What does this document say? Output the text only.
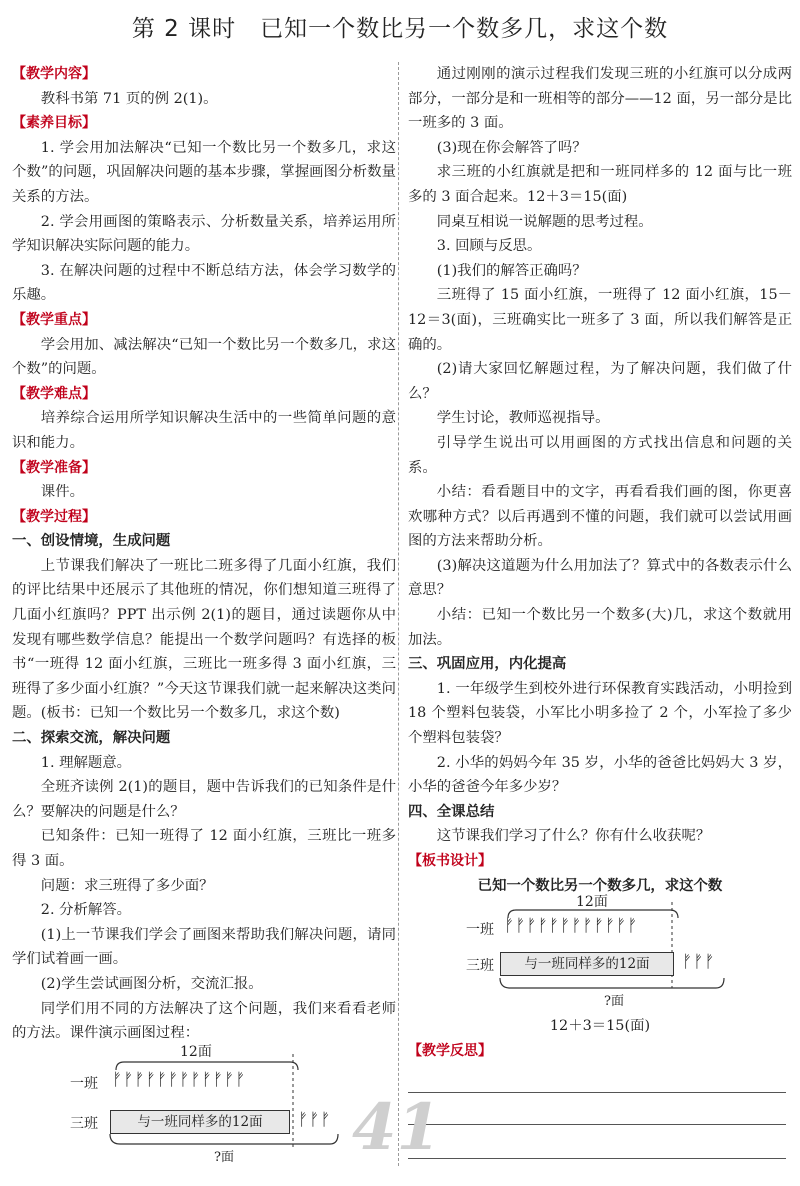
第 2 课时　已知一个数比另一个数多几，求这个数
【教学内容】

教科书第 71 页的例 2(1)。

【素养目标】

1. 学会用加法解决“已知一个数比另一个数多几，求这个数”的问题，巩固解决问题的基本步骤，掌握画图分析数量关系的方法。

2. 学会用画图的策略表示、分析数量关系，培养运用所学知识解决实际问题的能力。

3. 在解决问题的过程中不断总结方法，体会学习数学的乐趣。

【教学重点】

学会用加、减法解决“已知一个数比另一个数多几，求这个数”的问题。

【教学难点】

培养综合运用所学知识解决生活中的一些简单问题的意识和能力。

【教学准备】

课件。

【教学过程】
一、创设情境，生成问题

上节课我们解决了一班比二班多得了几面小红旗，我们的评比结果中还展示了其他班的情况，你们想知道三班得了几面小红旗吗？PPT 出示例 2(1)的题目，通过读题你从中发现有哪些数学信息？能提出一个数学问题吗？有选择的板书“一班得 12 面小红旗，三班比一班多得 3 面小红旗，三班得了多少面小红旗？”今天这节课我们就一起来解决这类问题。(板书：已知一个数比另一个数多几，求这个数)

二、探索交流，解决问题

1. 理解题意。

全班齐读例 2(1)的题目，题中告诉我们的已知条件是什么？要解决的问题是什么？

已知条件：已知一班得了 12 面小红旗，三班比一班多得 3 面。

问题：求三班得了多少面？

2. 分析解答。

(1)上一节课我们学会了画图来帮助我们解决问题，请同学们试着画一画。

(2)学生尝试画图分析，交流汇报。

同学们用不同的方法解决了这个问题，我们来看看老师的方法。课件演示画图过程：

12面
一班 ᚠᚠᚠᚠᚠᚠᚠᚠᚠᚠᚠᚠ
三班	与一班同样多的12面	ᚠᚠᚠ
?面

通过刚刚的演示过程我们发现三班的小红旗可以分成两部分，一部分是和一班相等的部分——12 面，另一部分是比一班多的 3 面。

(3)现在你会解答了吗？

求三班的小红旗就是把和一班同样多的 12 面与比一班多的 3 面合起来。12＋3＝15(面)

同桌互相说一说解题的思考过程。

3. 回顾与反思。

(1)我们的解答正确吗？

三班得了 15 面小红旗，一班得了 12 面小红旗，15－12＝3(面)，三班确实比一班多了 3 面，所以我们解答是正确的。

(2)请大家回忆解题过程，为了解决问题，我们做了什么？

学生讨论，教师巡视指导。

引导学生说出可以用画图的方式找出信息和问题的关系。

小结：看看题目中的文字，再看看我们画的图，你更喜欢哪种方式？以后再遇到不懂的问题，我们就可以尝试用画图的方法来帮助分析。

(3)解决这道题为什么用加法了？算式中的各数表示什么意思？

小结：已知一个数比另一个数多(大)几，求这个数就用加法。

三、巩固应用，内化提高

1. 一年级学生到校外进行环保教育实践活动，小明捡到 18 个塑料包装袋，小军比小明多捡了 2 个，小军捡了多少个塑料包装袋？

2. 小华的妈妈今年 35 岁，小华的爸爸比妈妈大 3 岁，小华的爸爸今年多少岁？

四、全课总结

这节课我们学习了什么？你有什么收获呢？

【板书设计】
已知一个数比另一个数多几，求这个数
12面
一班 ᚠᚠᚠᚠᚠᚠᚠᚠᚠᚠᚠᚠ
三班	与一班同样多的12面	ᚠᚠᚠ
?面
12＋3＝15(面)
【教学反思】
41
